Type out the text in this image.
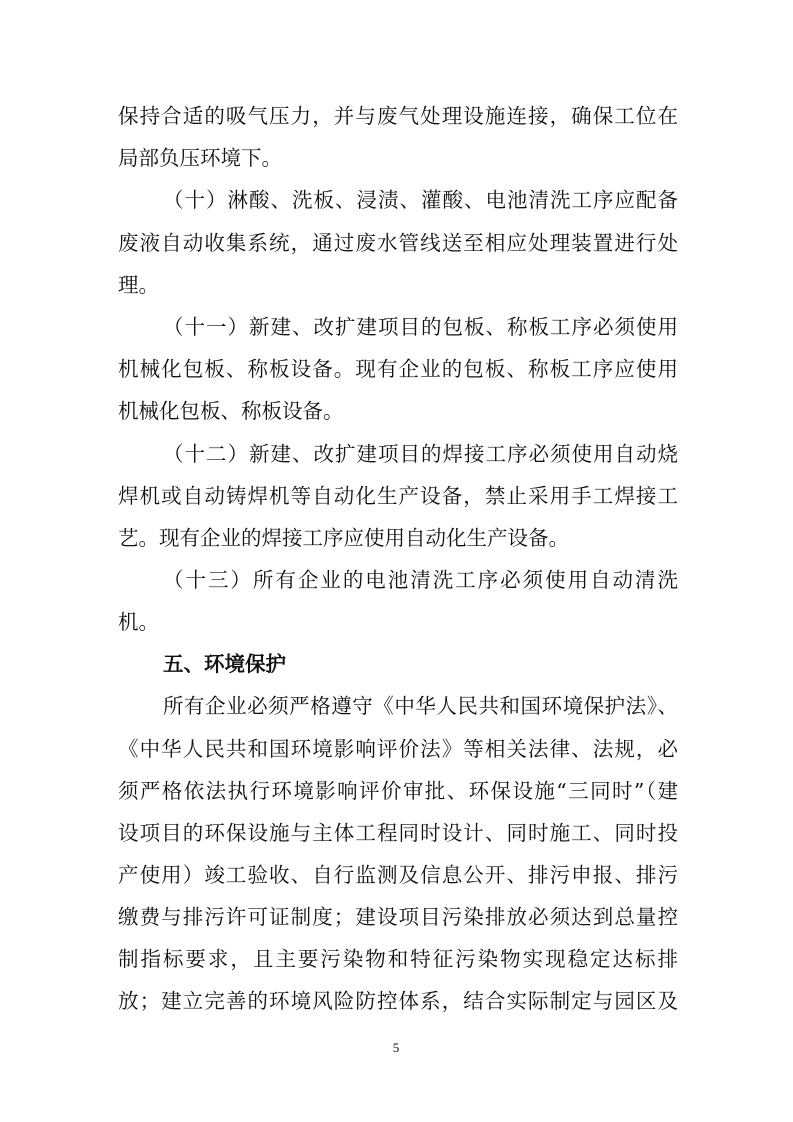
保持合适的吸气压力，并与废气处理设施连接，确保工位在
局部负压环境下。
（十）淋酸、洗板、浸渍、灌酸、电池清洗工序应配备
废液自动收集系统，通过废水管线送至相应处理装置进行处
理。
（十一）新建、改扩建项目的包板、称板工序必须使用
机械化包板、称板设备。现有企业的包板、称板工序应使用
机械化包板、称板设备。
（十二）新建、改扩建项目的焊接工序必须使用自动烧
焊机或自动铸焊机等自动化生产设备，禁止采用手工焊接工
艺。现有企业的焊接工序应使用自动化生产设备。
（十三）所有企业的电池清洗工序必须使用自动清洗
机。
五、环境保护
所有企业必须严格遵守《中华人民共和国环境保护法》、
《中华人民共和国环境影响评价法》等相关法律、法规，必
须严格依法执行环境影响评价审批、环保设施“三同时”（建
设项目的环保设施与主体工程同时设计、同时施工、同时投
产使用）竣工验收、自行监测及信息公开、排污申报、排污
缴费与排污许可证制度；建设项目污染排放必须达到总量控
制指标要求，且主要污染物和特征污染物实现稳定达标排
放；建立完善的环境风险防控体系，结合实际制定与园区及
5
